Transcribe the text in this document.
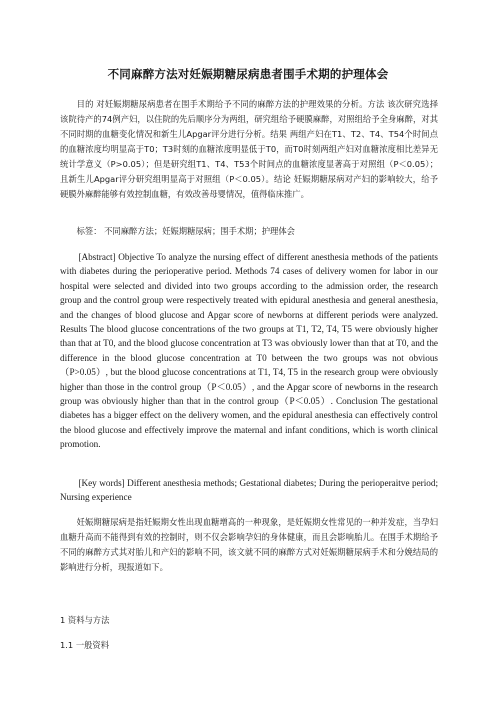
不同麻醉方法对妊娠期糖尿病患者围手术期的护理体会

目的 对妊娠期糖尿病患者在围手术期给予不同的麻醉方法的护理效果的分析。方法 该次研究选择该院待产的74例产妇，以住院的先后顺序分为两组，研究组给予硬膜麻醉，对照组给予全身麻醉，对其不同时期的血糖变化情况和新生儿Apgar评分进行分析。结果 两组产妇在T1、T2、T4、T54个时间点的血糖浓度均明显高于T0；T3时刻的血糖浓度明显低于T0，而T0时刻两组产妇对血糖浓度相比差异无统计学意义（P>0.05）；但是研究组T1、T4、T53个时间点的血糖浓度显著高于对照组（P＜0.05）；且新生儿Apgar评分研究组明显高于对照组（P＜0.05）。结论 妊娠期糖尿病对产妇的影响较大，给予硬膜外麻醉能够有效控制血糖，有效改善母婴情况，值得临床推广。

标签： 不同麻醉方法；妊娠期糖尿病；围手术期；护理体会

[Abstract] Objective To analyze the nursing effect of different anesthesia methods of the patients with diabetes during the perioperative period. Methods 74 cases of delivery women for labor in our hospital were selected and divided into two groups according to the admission order, the research group and the control group were respectively treated with epidural anesthesia and general anesthesia, and the changes of blood glucose and Apgar score of newborns at different periods were analyzed. Results The blood glucose concentrations of the two groups at T1, T2, T4, T5 were obviously higher than that at T0, and the blood glucose concentration at T3 was obviously lower than that at T0, and the difference in the blood glucose concentration at T0 between the two groups was not obvious（P>0.05）, but the blood glucose concentrations at T1, T4, T5 in the research group were obviously higher than those in the control group（P＜0.05）, and the Apgar score of newborns in the research group was obviously higher than that in the control group（P＜0.05）. Conclusion The gestational diabetes has a bigger effect on the delivery women, and the epidural anesthesia can effectively control the blood glucose and effectively improve the maternal and infant conditions, which is worth clinical promotion.

[Key words] Different anesthesia methods; Gestational diabetes; During the perioperaitve period; Nursing experience

妊娠期糖尿病是指妊娠期女性出现血糖增高的一种现象，是妊娠期女性常见的一种并发症，当孕妇血糖升高而不能得到有效的控制时，则不仅会影响孕妇的身体健康，而且会影响胎儿。在围手术期给予不同的麻醉方式其对胎儿和产妇的影响不同，该文就不同的麻醉方式对妊娠期糖尿病手术和分娩结局的影响进行分析，现报道如下。

1 资料与方法
1.1 一般资料
